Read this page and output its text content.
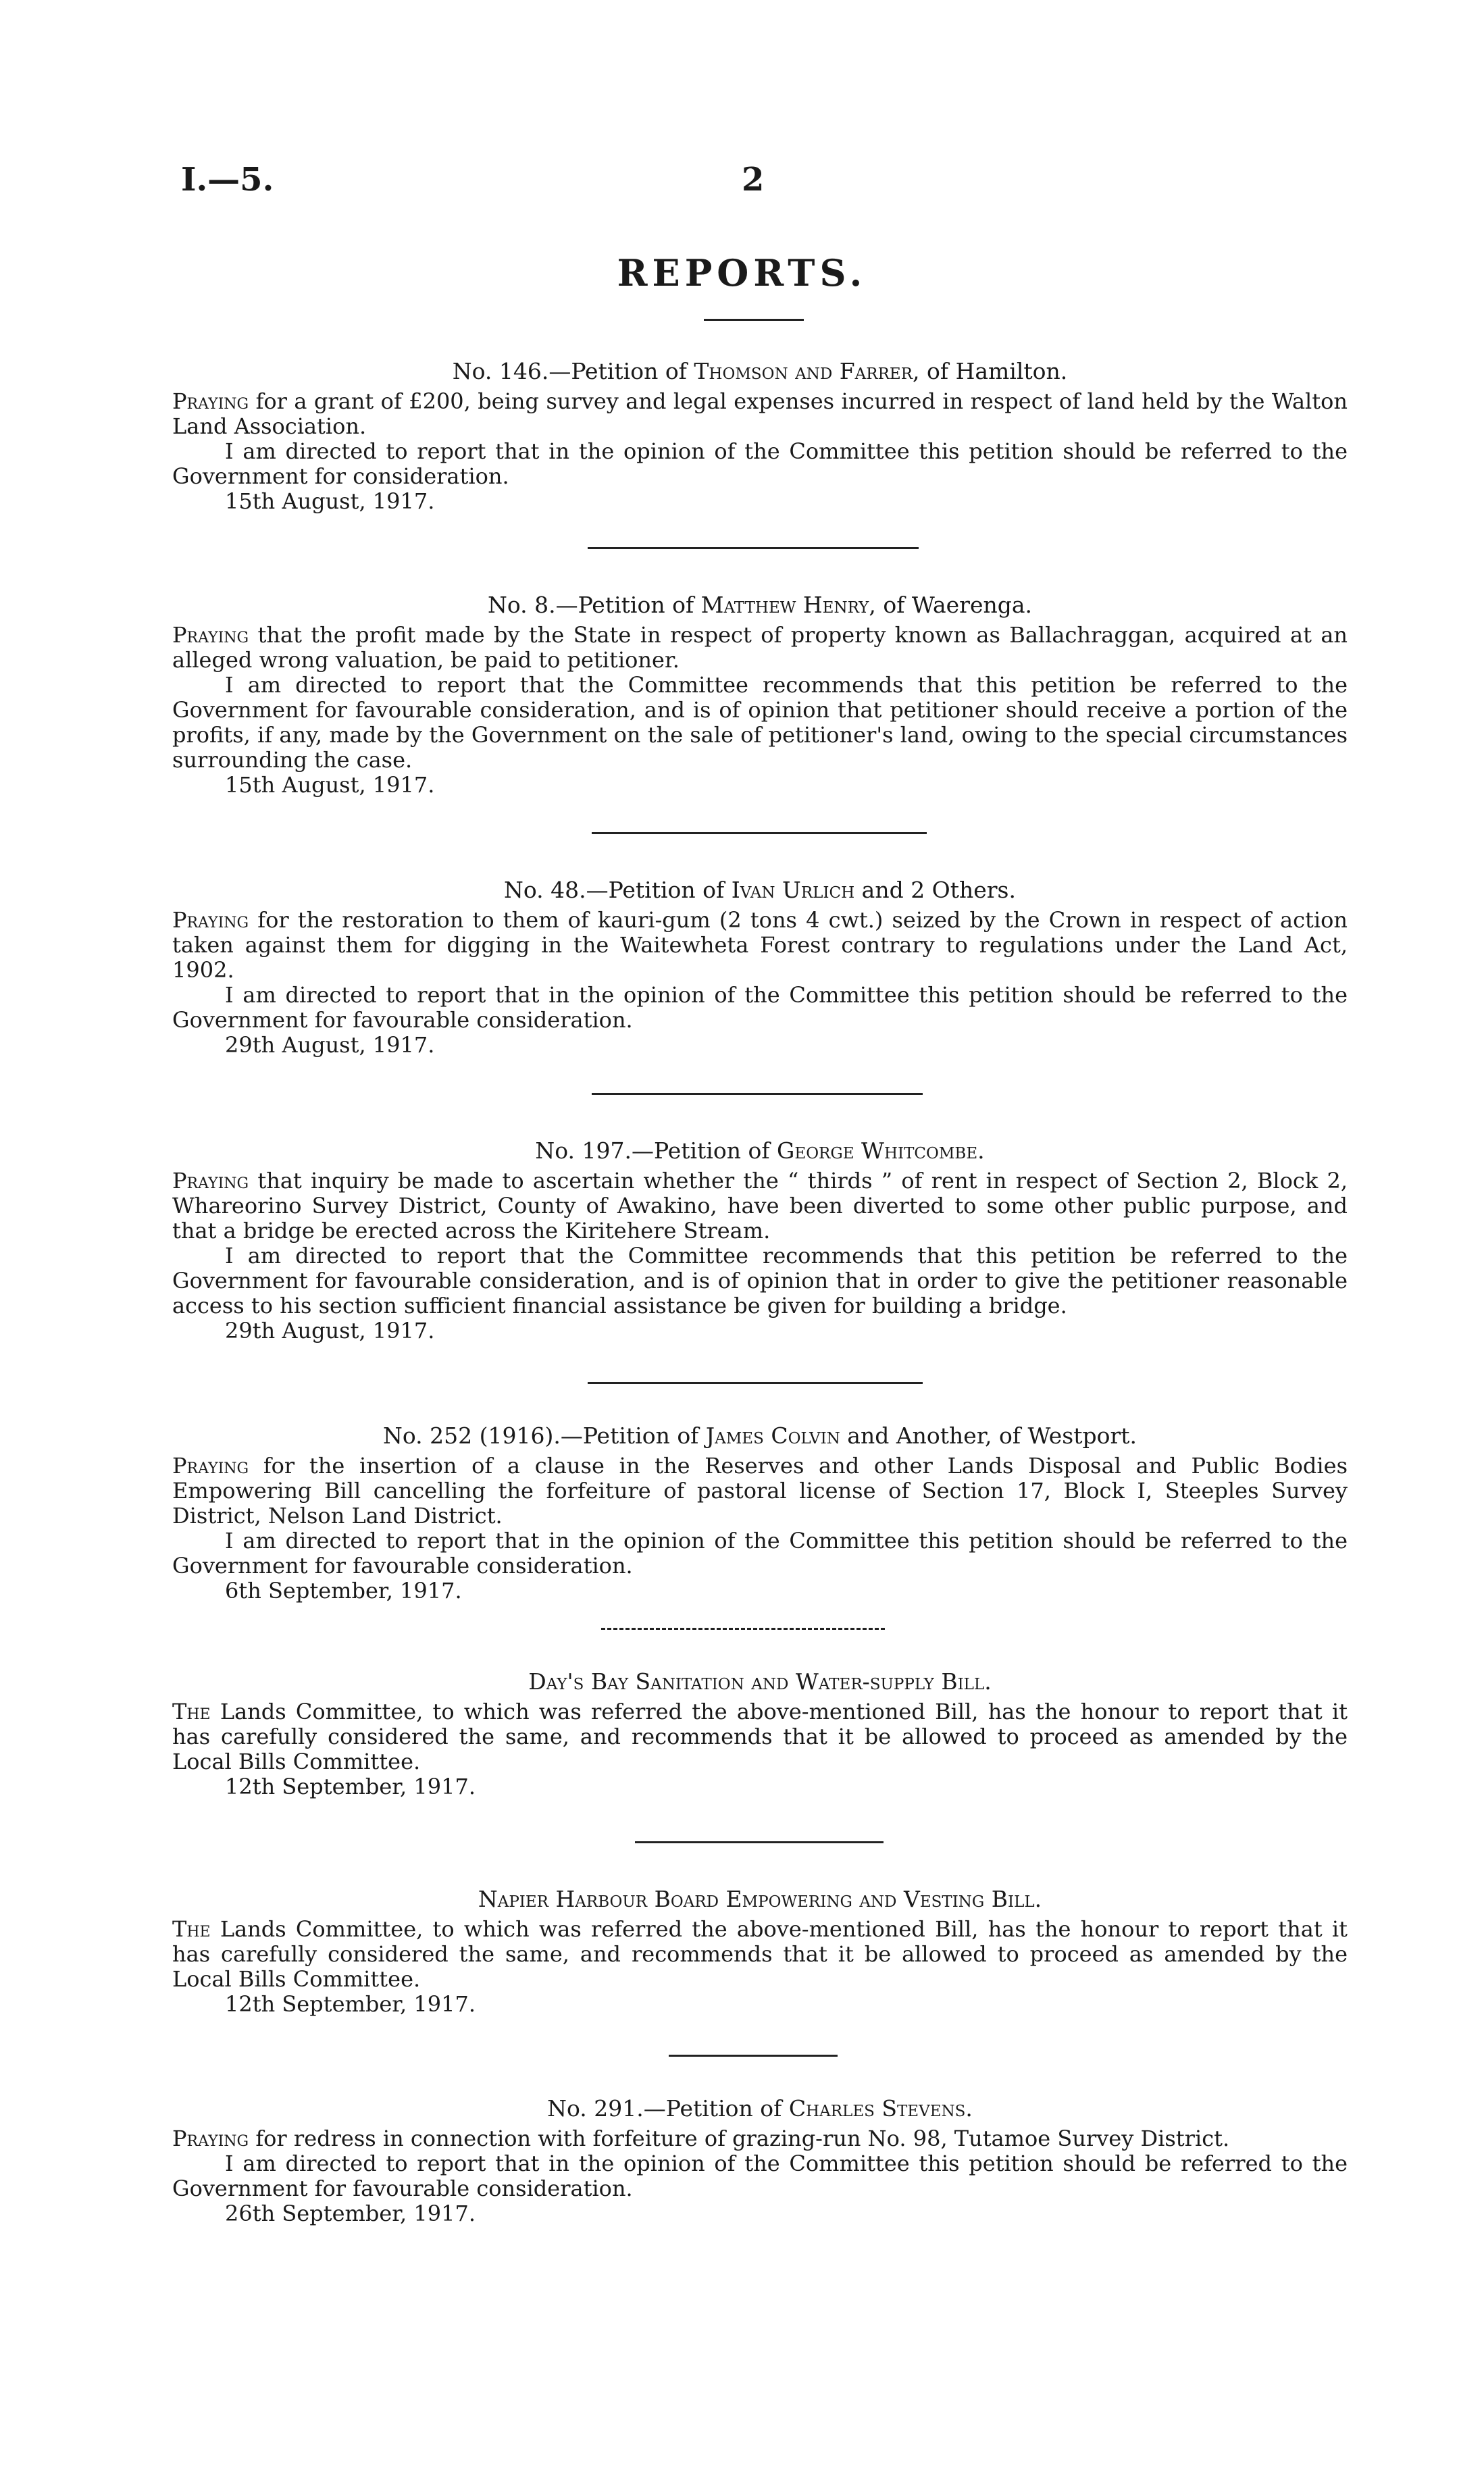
I.—5.	2
REPORTS.
No. 146.—Petition of Thomson and Farrer, of Hamilton.

Praying for a grant of £200, being survey and legal expenses incurred in respect of land held by the Walton Land Association.

I am directed to report that in the opinion of the Committee this petition should be referred to the Government for consideration.

15th August, 1917.

No. 8.—Petition of Matthew Henry, of Waerenga.

Praying that the profit made by the State in respect of property known as Ballachraggan, acquired at an alleged wrong valuation, be paid to petitioner.

I am directed to report that the Committee recommends that this petition be referred to the Government for favourable consideration, and is of opinion that petitioner should receive a portion of the profits, if any, made by the Government on the sale of petitioner's land, owing to the special circumstances surrounding the case.

15th August, 1917.

No. 48.—Petition of Ivan Urlich and 2 Others.

Praying for the restoration to them of kauri-gum (2 tons 4 cwt.) seized by the Crown in respect of action taken against them for digging in the Waitewheta Forest contrary to regulations under the Land Act, 1902.

I am directed to report that in the opinion of the Committee this petition should be referred to the Government for favourable consideration.

29th August, 1917.

No. 197.—Petition of George Whitcombe.

Praying that inquiry be made to ascertain whether the “ thirds ” of rent in respect of Section 2, Block 2, Whareorino Survey District, County of Awakino, have been diverted to some other public purpose, and that a bridge be erected across the Kiritehere Stream.

I am directed to report that the Committee recommends that this petition be referred to the Government for favourable consideration, and is of opinion that in order to give the petitioner reasonable access to his section sufficient financial assistance be given for building a bridge.

29th August, 1917.

No. 252 (1916).—Petition of James Colvin and Another, of Westport.

Praying for the insertion of a clause in the Reserves and other Lands Disposal and Public Bodies Empowering Bill cancelling the forfeiture of pastoral license of Section 17, Block I, Steeples Survey District, Nelson Land District.

I am directed to report that in the opinion of the Committee this petition should be referred to the Government for favourable consideration.

6th September, 1917.

Day's Bay Sanitation and Water-supply Bill.

The Lands Committee, to which was referred the above-mentioned Bill, has the honour to report that it has carefully considered the same, and recommends that it be allowed to proceed as amended by the Local Bills Committee.

12th September, 1917.

Napier Harbour Board Empowering and Vesting Bill.

The Lands Committee, to which was referred the above-mentioned Bill, has the honour to report that it has carefully considered the same, and recommends that it be allowed to proceed as amended by the Local Bills Committee.

12th September, 1917.

No. 291.—Petition of Charles Stevens.

Praying for redress in connection with forfeiture of grazing-run No. 98, Tutamoe Survey District.

I am directed to report that in the opinion of the Committee this petition should be referred to the Government for favourable consideration.

26th September, 1917.
